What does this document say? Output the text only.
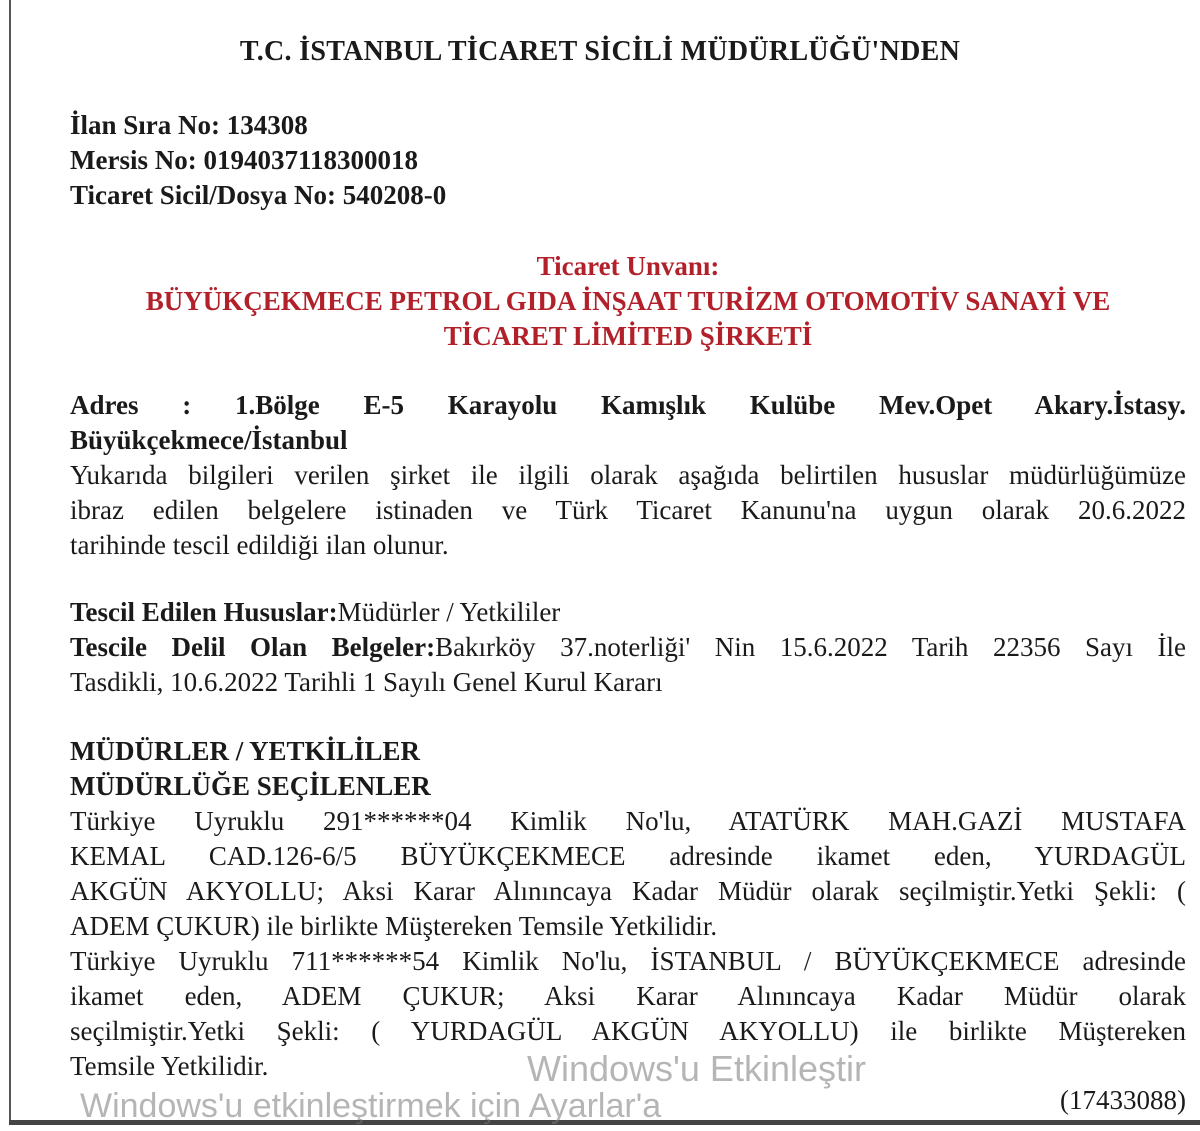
T.C. İSTANBUL TİCARET SİCİLİ MÜDÜRLÜĞÜ'NDEN
İlan Sıra No: 134308
Mersis No: 0194037118300018
Ticaret Sicil/Dosya No: 540208-0
Ticaret Unvanı:
BÜYÜKÇEKMECE PETROL GIDA İNŞAAT TURİZM OTOMOTİV SANAYİ VE
TİCARET LİMİTED ŞİRKETİ
Adres : 1.Bölge E-5 Karayolu Kamışlık Kulübe Mev.Opet Akary.İstasy.
Büyükçekmece/İstanbul
Yukarıda bilgileri verilen şirket ile ilgili olarak aşağıda belirtilen hususlar müdürlüğümüze
ibraz edilen belgelere istinaden ve Türk Ticaret Kanunu'na uygun olarak 20.6.2022
tarihinde tescil edildiği ilan olunur.
Tescil Edilen Hususlar:Müdürler / Yetkililer
Tescile Delil Olan Belgeler:Bakırköy 37.noterliği' Nin 15.6.2022 Tarih 22356 Sayı İle
Tasdikli, 10.6.2022 Tarihli 1 Sayılı Genel Kurul Kararı
MÜDÜRLER / YETKİLİLER
MÜDÜRLÜĞE SEÇİLENLER
Türkiye Uyruklu 291******04 Kimlik No'lu, ATATÜRK MAH.GAZİ MUSTAFA
KEMAL CAD.126-6/5 BÜYÜKÇEKMECE adresinde ikamet eden, YURDAGÜL
AKGÜN AKYOLLU; Aksi Karar Alınıncaya Kadar Müdür olarak seçilmiştir.Yetki Şekli: (
ADEM ÇUKUR) ile birlikte Müştereken Temsile Yetkilidir.
Türkiye Uyruklu 711******54 Kimlik No'lu, İSTANBUL / BÜYÜKÇEKMECE adresinde
ikamet eden, ADEM ÇUKUR; Aksi Karar Alınıncaya Kadar Müdür olarak
seçilmiştir.Yetki Şekli: ( YURDAGÜL AKGÜN AKYOLLU) ile birlikte Müştereken
Temsile Yetkilidir.
(17433088)
Windows'u Etkinleştir
Windows'u etkinleştirmek için Ayarlar'a
